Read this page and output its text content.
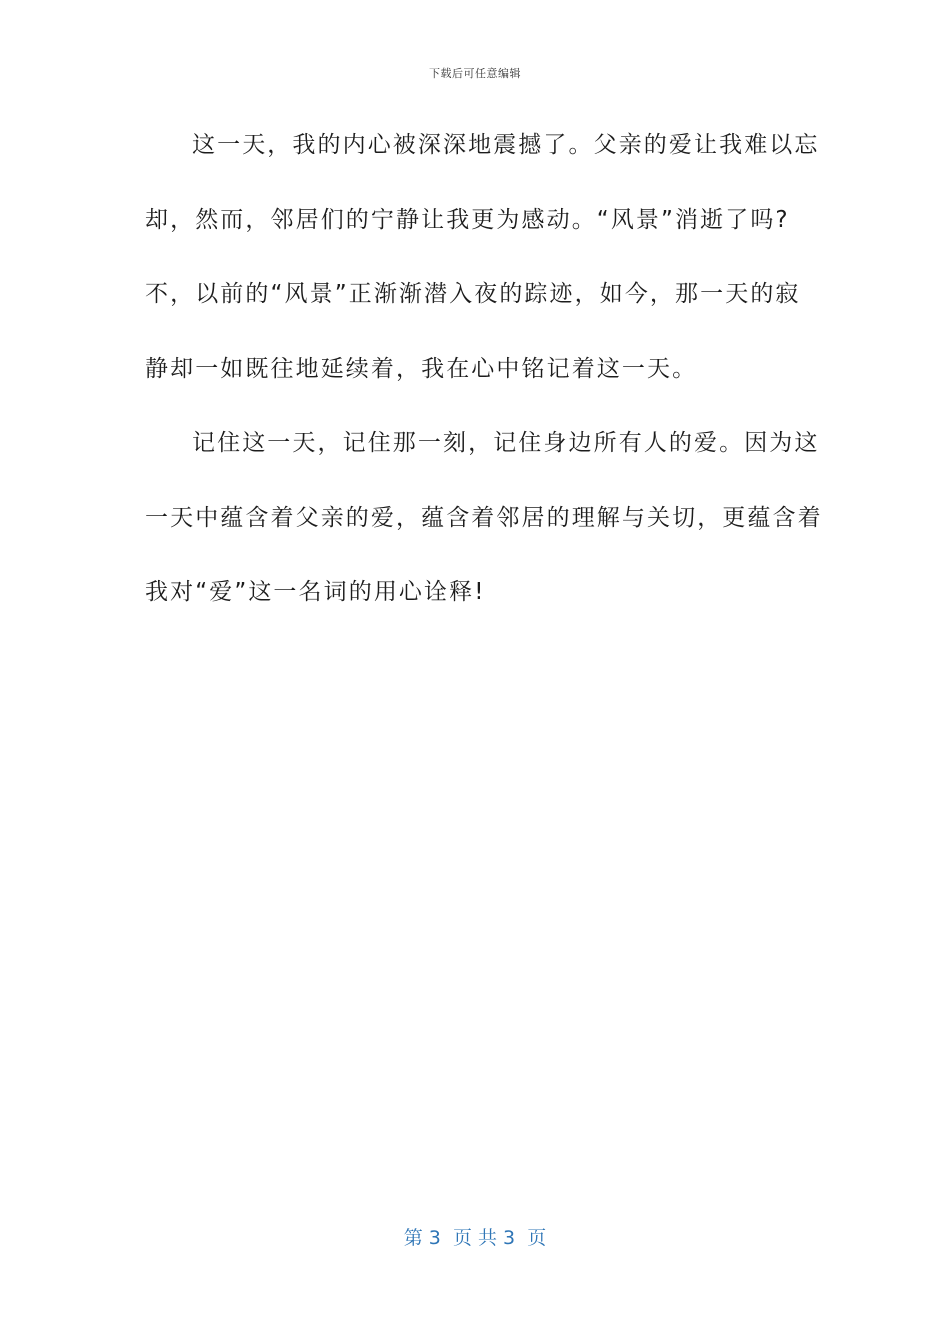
下载后可任意编辑
这一天，我的内心被深深地震撼了。父亲的爱让我难以忘
却，然而，邻居们的宁静让我更为感动。“风景”消逝了吗?
不，以前的“风景”正渐渐潜入夜的踪迹，如今，那一天的寂
静却一如既往地延续着，我在心中铭记着这一天。
记住这一天，记住那一刻，记住身边所有人的爱。因为这
一天中蕴含着父亲的爱，蕴含着邻居的理解与关切，更蕴含着
我对“爱”这一名词的用心诠释!
第 3  页 共 3  页
